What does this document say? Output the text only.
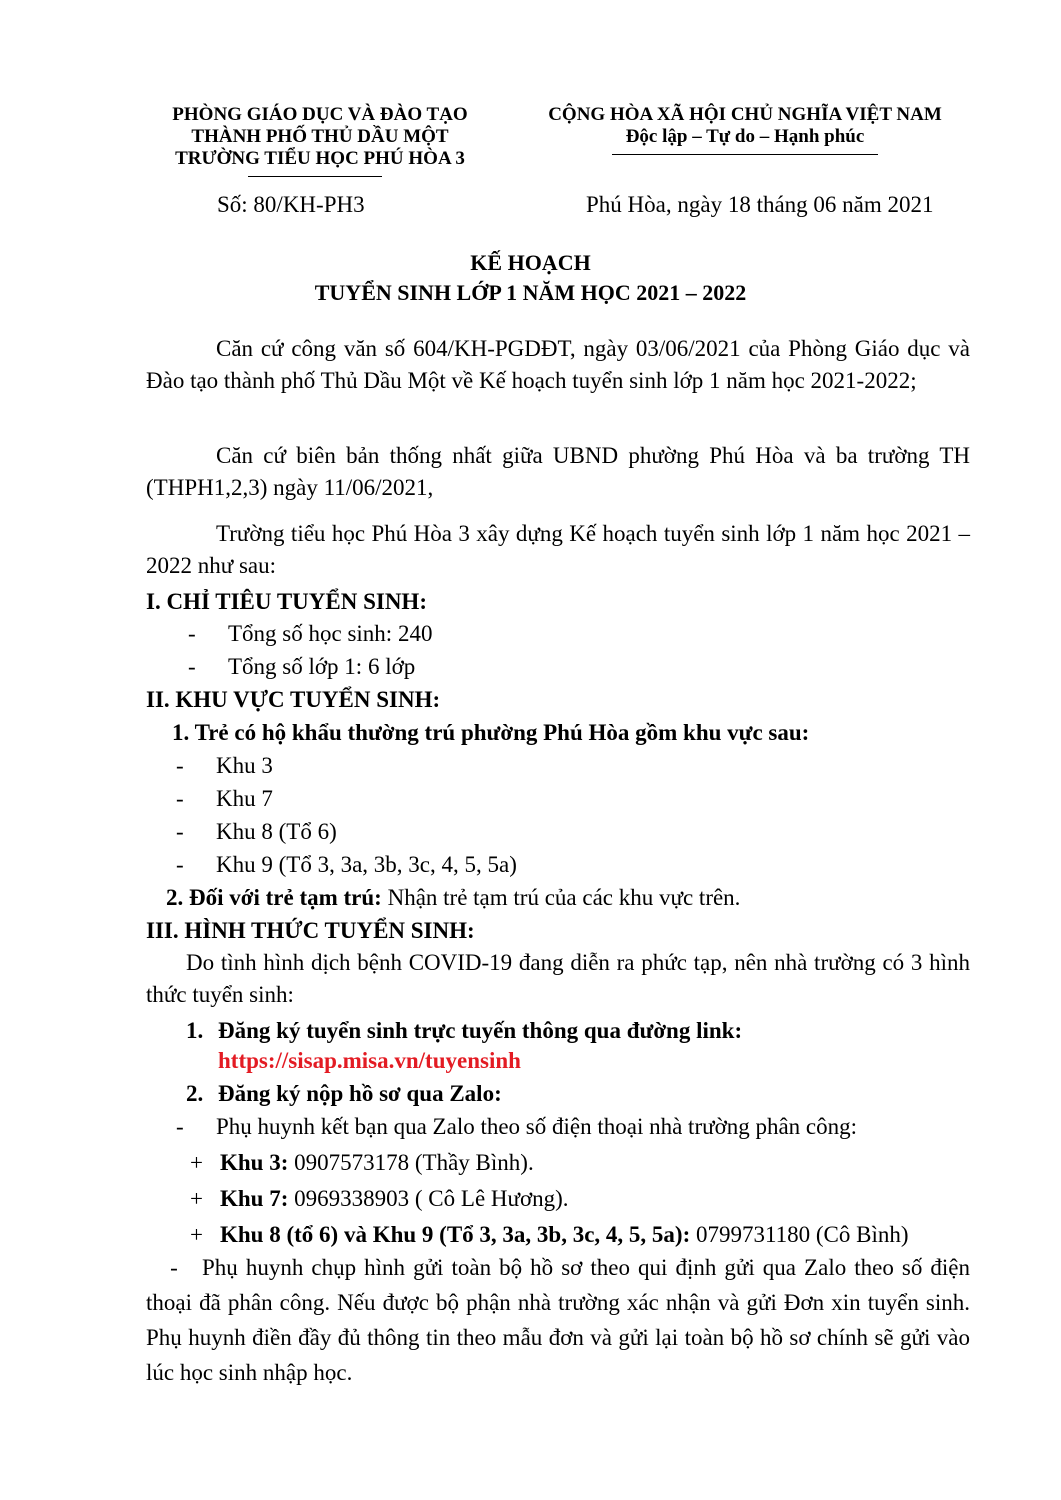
PHÒNG GIÁO DỤC VÀ ĐÀO TẠO
THÀNH PHỐ THỦ DẦU MỘT
TRƯỜNG TIỂU HỌC PHÚ HÒA 3
CỘNG HÒA XÃ HỘI CHỦ NGHĨA VIỆT NAM
Độc lập – Tự do – Hạnh phúc
Số: 80/KH-PH3	Phú Hòa, ngày 18 tháng 06 năm 2021
KẾ HOẠCH
TUYỂN SINH LỚP 1 NĂM HỌC 2021 – 2022
Căn cứ công văn số 604/KH-PGDĐT, ngày 03/06/2021 của Phòng Giáo dục và Đào tạo thành phố Thủ Dầu Một về Kế hoạch tuyển sinh lớp 1 năm học 2021-2022;
Căn cứ biên bản thống nhất giữa UBND phường Phú Hòa và ba trường TH (THPH1,2,3) ngày 11/06/2021,
Trường tiểu học Phú Hòa 3 xây dựng Kế hoạch tuyển sinh lớp 1 năm học 2021 – 2022 như sau:
I. CHỈ TIÊU TUYỂN SINH:
- Tổng số học sinh: 240
- Tổng số lớp 1: 6 lớp
II. KHU VỰC TUYỂN SINH:
1. Trẻ có hộ khẩu thường trú phường Phú Hòa gồm khu vực sau:
- Khu 3
- Khu 7
- Khu 8 (Tổ 6)
- Khu 9 (Tổ 3, 3a, 3b, 3c, 4, 5, 5a)
2. Đối với trẻ tạm trú: Nhận trẻ tạm trú của các khu vực trên.
III. HÌNH THỨC TUYỂN SINH:
Do tình hình dịch bệnh COVID-19 đang diễn ra phức tạp, nên nhà trường có 3 hình thức tuyển sinh:
1. Đăng ký tuyển sinh trực tuyến thông qua đường link:
https://sisap.misa.vn/tuyensinh
2. Đăng ký nộp hồ sơ qua Zalo:
- Phụ huynh kết bạn qua Zalo theo số điện thoại nhà trường phân công:
+ Khu 3: 0907573178 (Thầy Bình).
+ Khu 7: 0969338903 ( Cô Lê Hương).
+ Khu 8 (tổ 6) và Khu 9 (Tổ 3, 3a, 3b, 3c, 4, 5, 5a): 0799731180 (Cô Bình)
- Phụ huynh chụp hình gửi toàn bộ hồ sơ theo qui định gửi qua Zalo theo số điện thoại đã phân công. Nếu được bộ phận nhà trường xác nhận và gửi Đơn xin tuyển sinh. Phụ huynh điền đầy đủ thông tin theo mẫu đơn và gửi lại toàn bộ hồ sơ chính sẽ gửi vào lúc học sinh nhập học.
